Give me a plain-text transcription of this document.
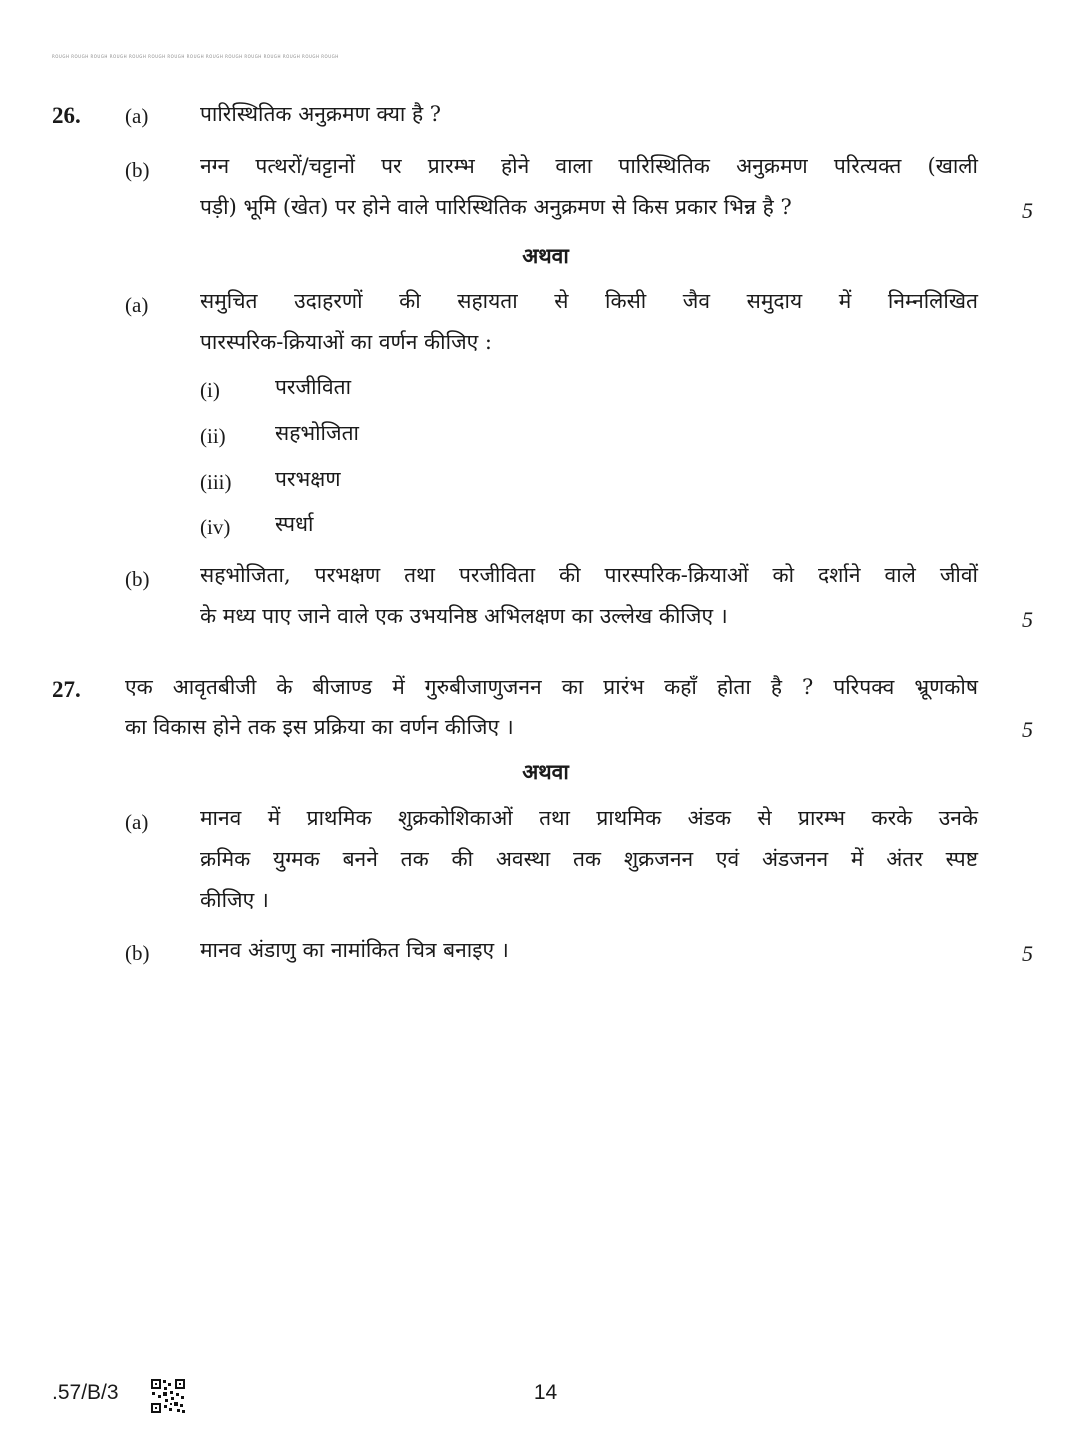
ROUGH ROUGH ROUGH ROUGH ROUGH ROUGH ROUGH ROUGH ROUGH ROUGH ROUGH ROUGH ROUGH ROUGH ROUGH
26. (a) पारिस्थितिक अनुक्रमण क्या है ?
(b) नग्न पत्थरों/चट्टानों पर प्रारम्भ होने वाला पारिस्थितिक अनुक्रमण परित्यक्त (खाली
पड़ी) भूमि (खेत) पर होने वाले पारिस्थितिक अनुक्रमण से किस प्रकार भिन्न है ?	5
अथवा
(a) समुचित उदाहरणों की सहायता से किसी जैव समुदाय में निम्नलिखित
पारस्परिक-क्रियाओं का वर्णन कीजिए :
(i)	परजीविता
(ii) सहभोजिता
(iii) परभक्षण
(iv) स्पर्धा
(b) सहभोजिता, परभक्षण तथा परजीविता की पारस्परिक-क्रियाओं को दर्शाने वाले जीवों
के मध्य पाए जाने वाले एक उभयनिष्ठ अभिलक्षण का उल्लेख कीजिए ।	5
27. एक आवृतबीजी के बीजाण्ड में गुरुबीजाणुजनन का प्रारंभ कहाँ होता है ? परिपक्व भ्रूणकोष
का विकास होने तक इस प्रक्रिया का वर्णन कीजिए ।	5
अथवा
(a) मानव में प्राथमिक शुक्रकोशिकाओं तथा प्राथमिक अंडक से प्रारम्भ करके उनके
क्रमिक युग्मक बनने तक की अवस्था तक शुक्रजनन एवं अंडजनन में अंतर स्पष्ट
कीजिए ।
(b) मानव अंडाणु का नामांकित चित्र बनाइए ।	5
.57/B/3	14
